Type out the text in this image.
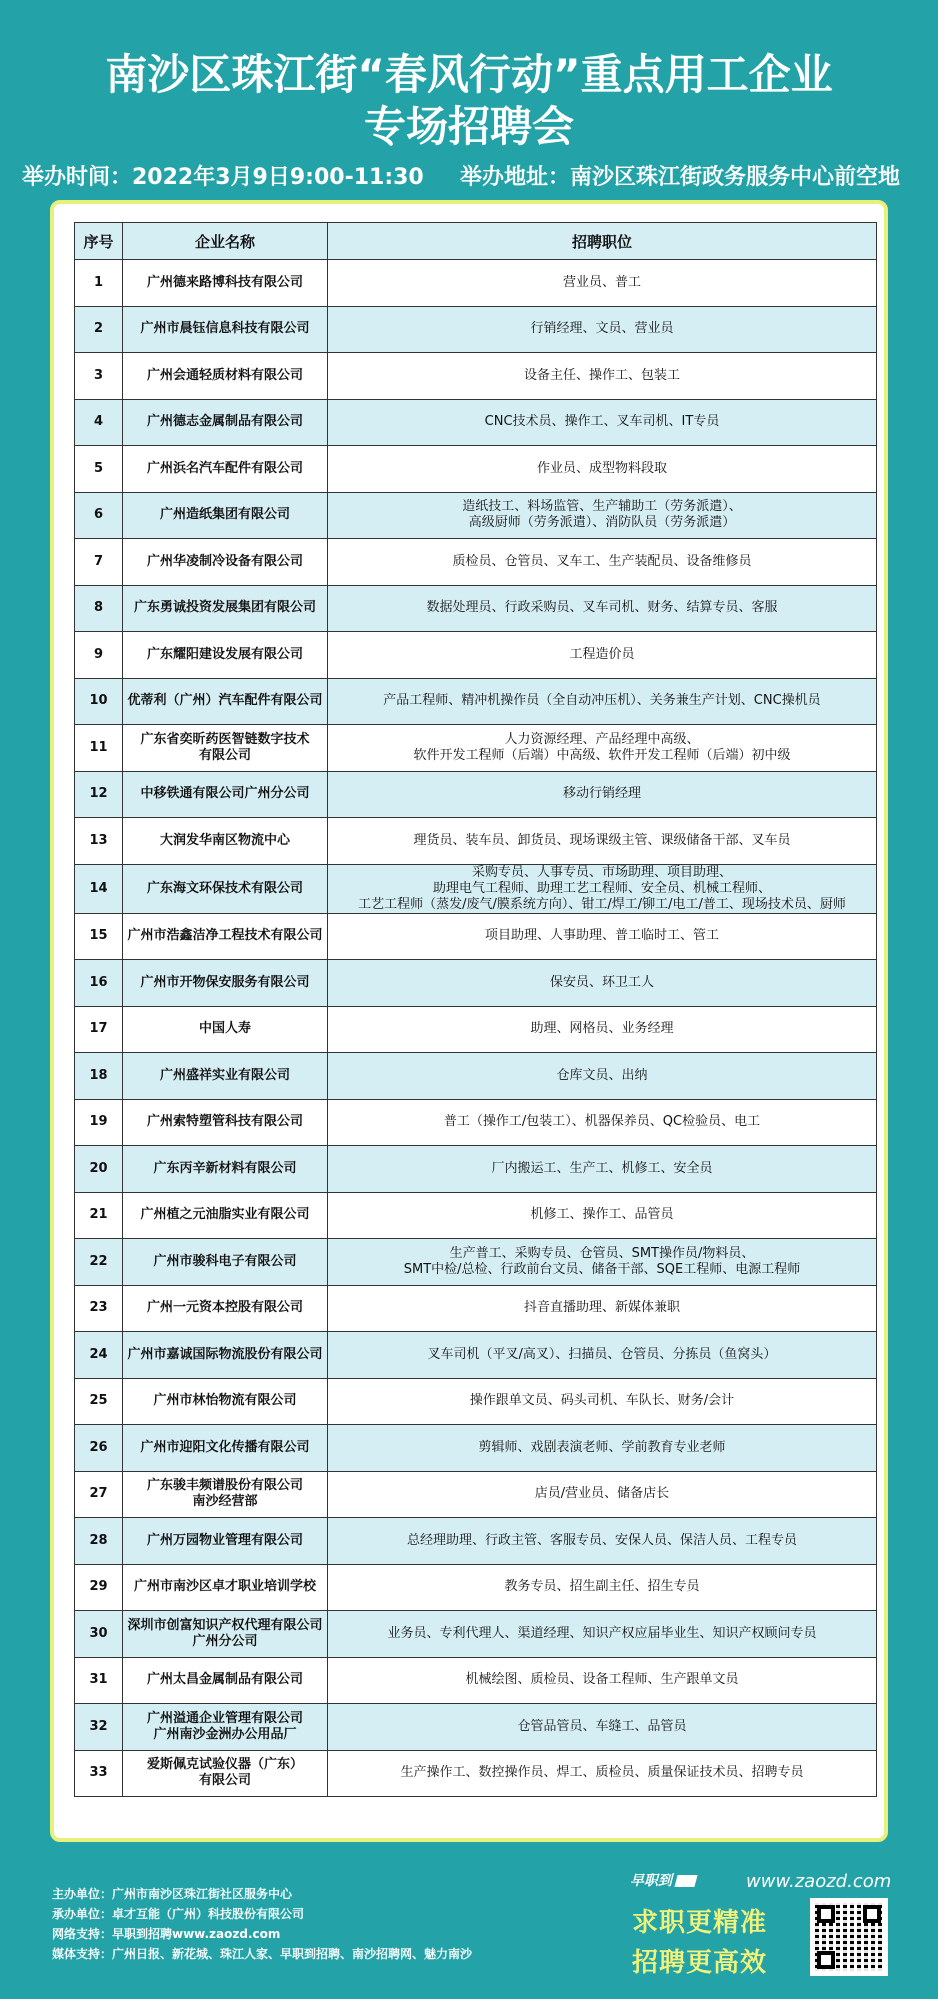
南沙区珠江街“春风行动”重点用工企业
专场招聘会
举办时间：2022年3月9日9:00-11:30 举办地址：南沙区珠江街政务服务中心前空地
序号	企业名称	招聘职位
1	广州德来路博科技有限公司	营业员、普工
2	广州市晨钰信息科技有限公司	行销经理、文员、营业员
3	广州会通轻质材料有限公司	设备主任、操作工、包装工
4	广州德志金属制品有限公司	CNC技术员、操作工、叉车司机、IT专员
5	广州浜名汽车配件有限公司	作业员、成型物料段取
6	广州造纸集团有限公司	造纸技工、料场监管、生产辅助工（劳务派遣）、
高级厨师（劳务派遣）、消防队员（劳务派遣）
7	广州华凌制冷设备有限公司	质检员、仓管员、叉车工、生产装配员、设备维修员
8	广东勇诚投资发展集团有限公司	数据处理员、行政采购员、叉车司机、财务、结算专员、客服
9	广东耀阳建设发展有限公司	工程造价员
10	优蒂利（广州）汽车配件有限公司	产品工程师、精冲机操作员（全自动冲压机）、关务兼生产计划、CNC操机员
11	广东省奕昕药医智链数字技术
有限公司	人力资源经理、产品经理中高级、
软件开发工程师（后端）中高级、软件开发工程师（后端）初中级
12	中移铁通有限公司广州分公司	移动行销经理
13	大润发华南区物流中心	理货员、装车员、卸货员、现场课级主管、课级储备干部、叉车员
14	广东海文环保技术有限公司	采购专员、人事专员、市场助理、项目助理、
助理电气工程师、助理工艺工程师、安全员、机械工程师、
工艺工程师（蒸发/废气/膜系统方向）、钳工/焊工/铆工/电工/普工、现场技术员、厨师
15	广州市浩鑫洁净工程技术有限公司	项目助理、人事助理、普工临时工、管工
16	广州市开物保安服务有限公司	保安员、环卫工人
17	中国人寿	助理、网格员、业务经理
18	广州盛祥实业有限公司	仓库文员、出纳
19	广州索特塑管科技有限公司	普工（操作工/包装工）、机器保养员、QC检验员、电工
20	广东丙辛新材料有限公司	厂内搬运工、生产工、机修工、安全员
21	广州植之元油脂实业有限公司	机修工、操作工、品管员
22	广州市骏科电子有限公司	生产普工、采购专员、仓管员、SMT操作员/物料员、
SMT中检/总检、行政前台文员、储备干部、SQE工程师、电源工程师
23	广州一元资本控股有限公司	抖音直播助理、新媒体兼职
24	广州市嘉诚国际物流股份有限公司	叉车司机（平叉/高叉）、扫描员、仓管员、分拣员（鱼窝头）
25	广州市林怡物流有限公司	操作跟单文员、码头司机、车队长、财务/会计
26	广州市迎阳文化传播有限公司	剪辑师、戏剧表演老师、学前教育专业老师
27	广东骏丰频谱股份有限公司
南沙经营部	店员/营业员、储备店长
28	广州万园物业管理有限公司	总经理助理、行政主管、客服专员、安保人员、保洁人员、工程专员
29	广州市南沙区卓才职业培训学校	教务专员、招生副主任、招生专员
30	深圳市创富知识产权代理有限公司
广州分公司	业务员、专利代理人、渠道经理、知识产权应届毕业生、知识产权顾问专员
31	广州太昌金属制品有限公司	机械绘图、质检员、设备工程师、生产跟单文员
32	广州溢通企业管理有限公司
广州南沙金洲办公用品厂	仓管品管员、车缝工、品管员
33	爱斯佩克试验仪器（广东）
有限公司	生产操作工、数控操作员、焊工、质检员、质量保证技术员、招聘专员
主办单位：广州市南沙区珠江街社区服务中心
承办单位：卓才互能（广州）科技股份有限公司
网络支持：早职到招聘www.zaozd.com
媒体支持：广州日报、新花城、珠江人家、早职到招聘、南沙招聘网、魅力南沙
早职到	www.zaozd.com
求职更精准
招聘更高效
